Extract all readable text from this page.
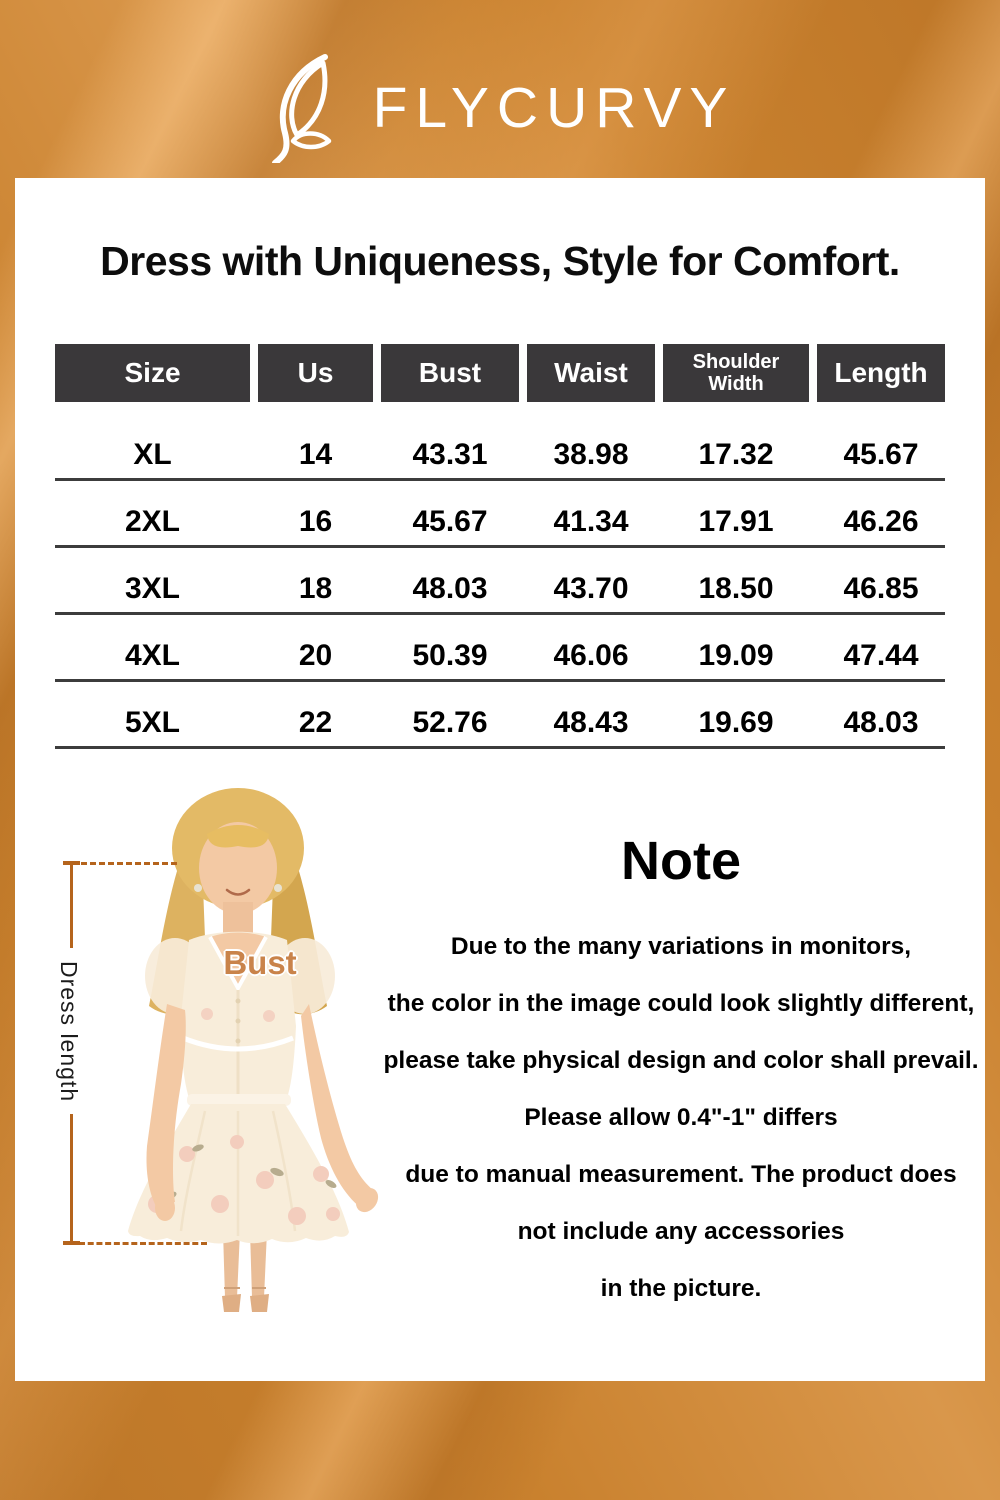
FLYCURVY
Dress with Uniqueness, Style for Comfort.
Size	Us	Bust	Waist	Shoulder Width	Length
XL	14	43.31	38.98	17.32	45.67
2XL	16	45.67	41.34	17.91	46.26
3XL	18	48.03	43.70	18.50	46.85
4XL	20	50.39	46.06	19.09	47.44
5XL	22	52.76	48.43	19.69	48.03
Dress length	Bust
Note
Due to the many variations in monitors,
the color in the image could look slightly different,
please take physical design and color shall prevail.
Please allow 0.4"-1" differs
due to manual measurement. The product does
not include any accessories
in the picture.
